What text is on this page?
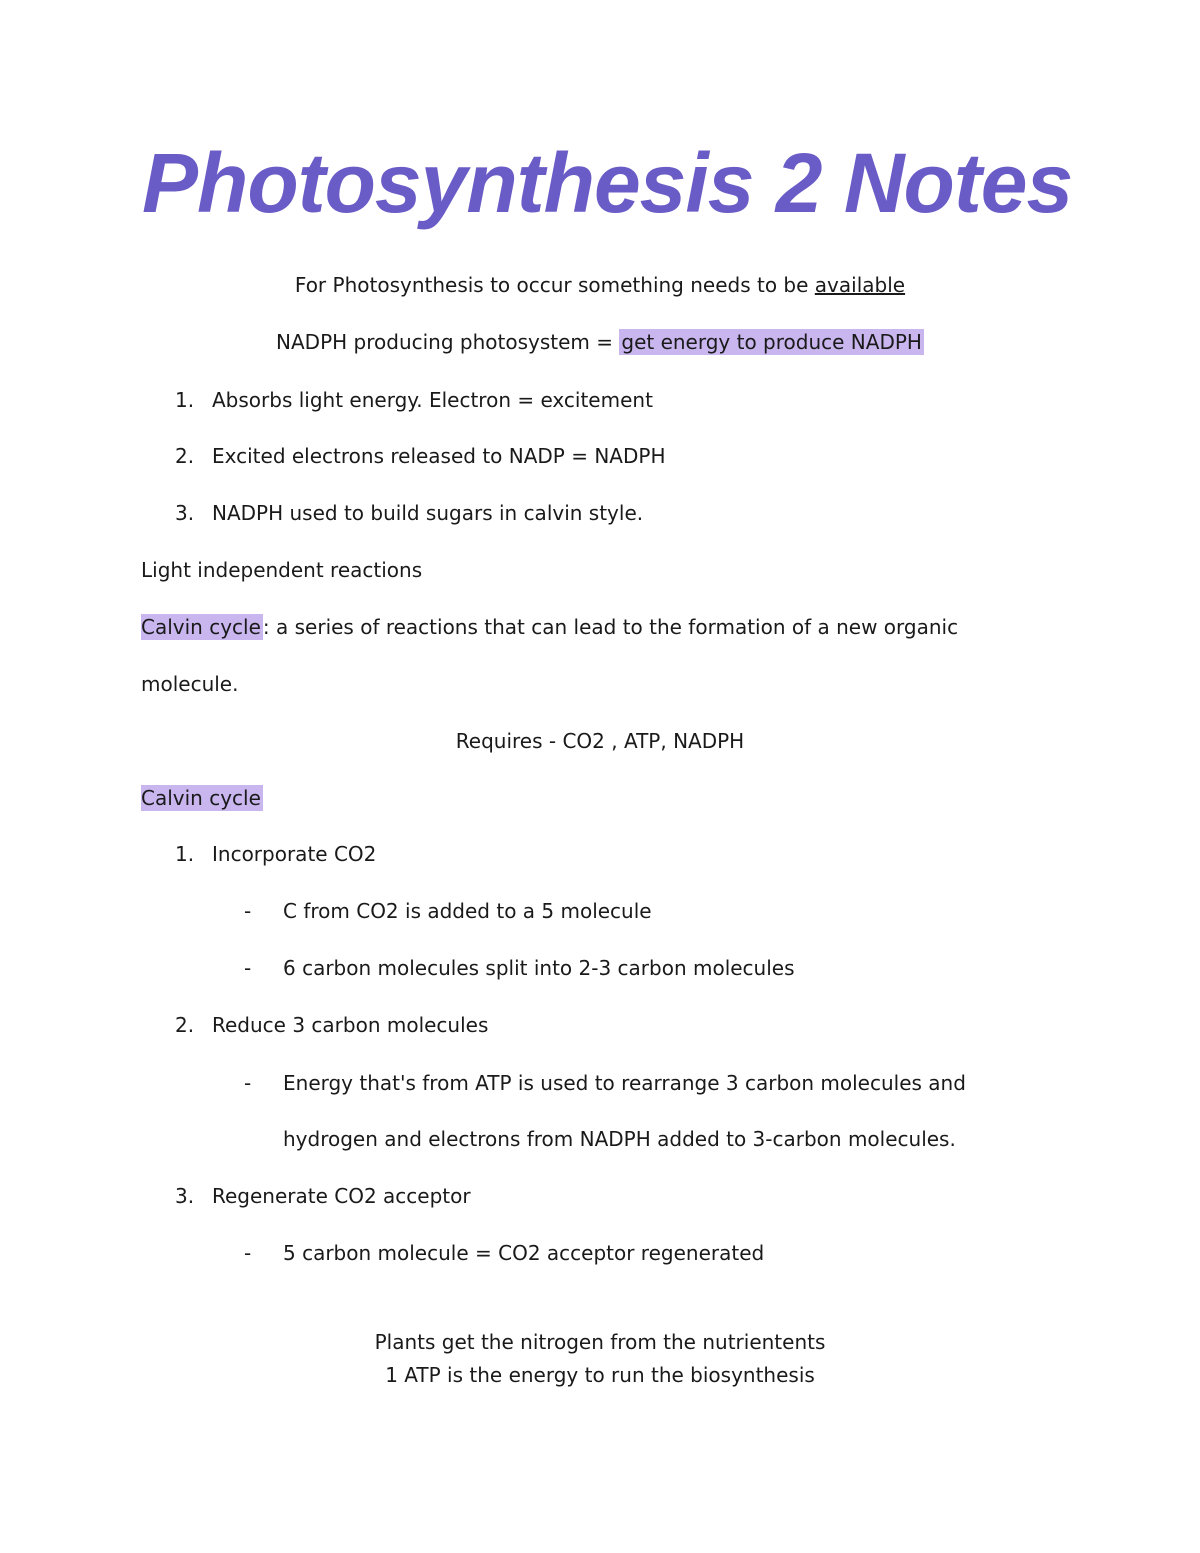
Photosynthesis 2 Notes
For Photosynthesis to occur something needs to be available
NADPH producing photosystem = get energy to produce NADPH
1. Absorbs light energy. Electron = excitement
2. Excited electrons released to NADP = NADPH
3. NADPH used to build sugars in calvin style.
Light independent reactions
Calvin cycle : a series of reactions that can lead to the formation of a new organic
molecule.
Requires - CO2 , ATP, NADPH
Calvin cycle
1. Incorporate CO2
- C from CO2 is added to a 5 molecule
- 6 carbon molecules split into 2-3 carbon molecules
2. Reduce 3 carbon molecules
- Energy that's from ATP is used to rearrange 3 carbon molecules and
hydrogen and electrons from NADPH added to 3-carbon molecules.
3. Regenerate CO2 acceptor
- 5 carbon molecule = CO2 acceptor regenerated
Plants get the nitrogen from the nutrientents
1 ATP is the energy to run the biosynthesis
